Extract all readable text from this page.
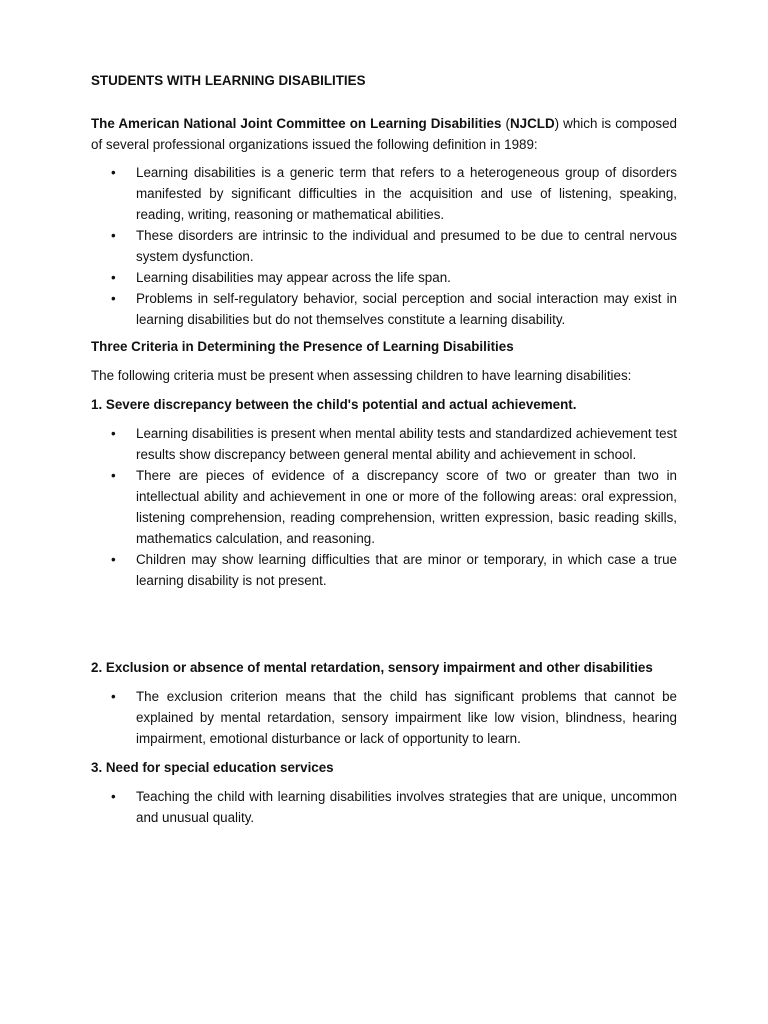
STUDENTS WITH LEARNING DISABILITIES

The American National Joint Committee on Learning Disabilities (NJCLD) which is composed of several professional organizations issued the following definition in 1989:

• Learning disabilities is a generic term that refers to a heterogeneous group of disorders manifested by significant difficulties in the acquisition and use of listening, speaking, reading, writing, reasoning or mathematical abilities.
• These disorders are intrinsic to the individual and presumed to be due to central nervous system dysfunction.
• Learning disabilities may appear across the life span.
• Problems in self-regulatory behavior, social perception and social interaction may exist in learning disabilities but do not themselves constitute a learning disability.

Three Criteria in Determining the Presence of Learning Disabilities

The following criteria must be present when assessing children to have learning disabilities:

1. Severe discrepancy between the child's potential and actual achievement.

• Learning disabilities is present when mental ability tests and standardized achievement test results show discrepancy between general mental ability and achievement in school.
• There are pieces of evidence of a discrepancy score of two or greater than two in intellectual ability and achievement in one or more of the following areas: oral expression, listening comprehension, reading comprehension, written expression, basic reading skills, mathematics calculation, and reasoning.
• Children may show learning difficulties that are minor or temporary, in which case a true learning disability is not present.

2. Exclusion or absence of mental retardation, sensory impairment and other disabilities

• The exclusion criterion means that the child has significant problems that cannot be explained by mental retardation, sensory impairment like low vision, blindness, hearing impairment, emotional disturbance or lack of opportunity to learn.

3. Need for special education services

• Teaching the child with learning disabilities involves strategies that are unique, uncommon and unusual quality.
